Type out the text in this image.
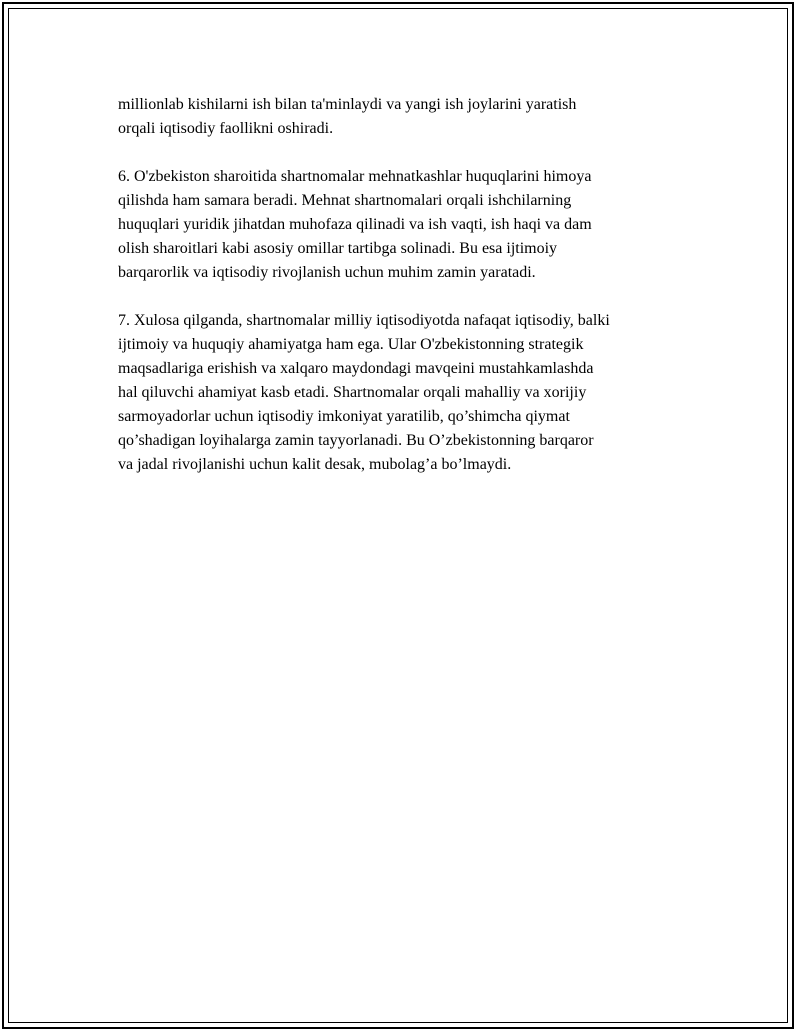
millionlab kishilarni ish bilan ta'minlaydi va yangi ish joylarini yaratish
orqali iqtisodiy faollikni oshiradi.

6. O'zbekiston sharoitida shartnomalar mehnatkashlar huquqlarini himoya
qilishda ham samara beradi. Mehnat shartnomalari orqali ishchilarning
huquqlari yuridik jihatdan muhofaza qilinadi va ish vaqti, ish haqi va dam
olish sharoitlari kabi asosiy omillar tartibga solinadi. Bu esa ijtimoiy
barqarorlik va iqtisodiy rivojlanish uchun muhim zamin yaratadi.

7. Xulosa qilganda, shartnomalar milliy iqtisodiyotda nafaqat iqtisodiy, balki
ijtimoiy va huquqiy ahamiyatga ham ega. Ular O'zbekistonning strategik
maqsadlariga erishish va xalqaro maydondagi mavqeini mustahkamlashda
hal qiluvchi ahamiyat kasb etadi. Shartnomalar orqali mahalliy va xorijiy
sarmoyadorlar uchun iqtisodiy imkoniyat yaratilib, qo’shimcha qiymat
qo’shadigan loyihalarga zamin tayyorlanadi. Bu O’zbekistonning barqaror
va jadal rivojlanishi uchun kalit desak, mubolag’a bo’lmaydi.
